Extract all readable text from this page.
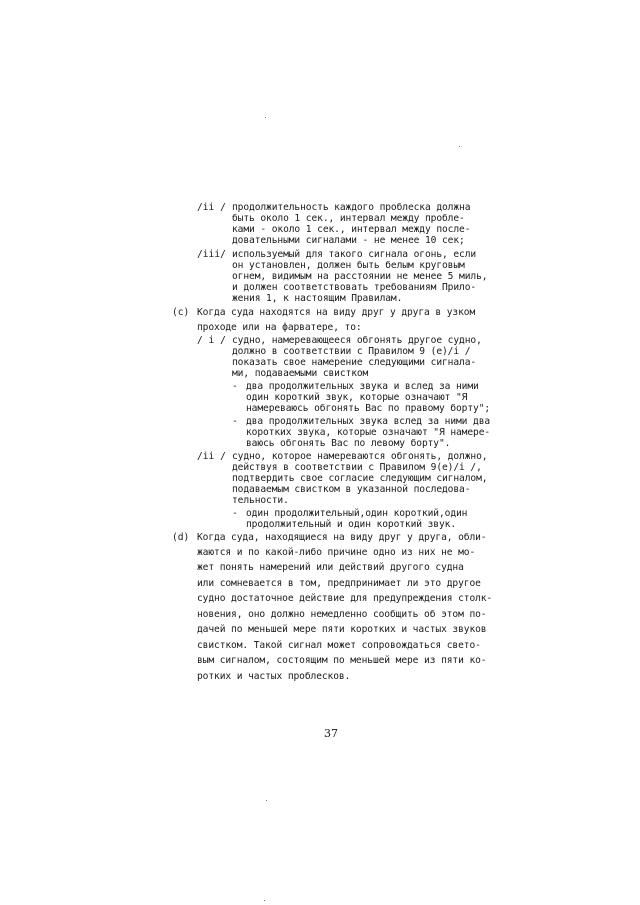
/ii / продолжительность каждого проблеска должна
быть около 1 сек., интервал между пробле-
ками - около 1 сек., интервал между после-
довательными сигналами - не менее 10 сек;
/iii/ используемый для такого сигнала огонь, если
он установлен, должен быть белым круговым
огнем, видимым на расстоянии не менее 5 миль,
и должен соответствовать требованиям Прило-
жения 1, к настоящим Правилам.
(c) Когда суда находятся на виду друг у друга в узком
проходе или на фарватере, то:
/ i / судно, намеревающееся обгонять другое судно,
должно в соответствии с Правилом 9 (e)/i /
показать свое намерение следующими сигнала-
ми, подаваемыми свистком
- два продолжительных звука и вслед за ними
один короткий звук, которые означают "Я
намереваюсь обгонять Вас по правому борту";
- два продолжительных звука вслед за ними два
коротких звука, которые означают "Я намере-
ваюсь обгонять Вас по левому борту".
/ii / судно, которое намереваются обгонять, должно,
действуя в соответствии с Правилом 9(e)/i /,
подтвердить свое согласие следующим сигналом,
подаваемым свистком в указанной последова-
тельности.
- один продолжительный,один короткий,один
продолжительный и один короткий звук.
(d) Когда суда, находящиеся на виду друг у друга, обли-
жаются и по какой-либо причине одно из них не мо-
жет понять намерений или действий другого судна
или сомневается в том, предпринимает ли это другое
судно достаточное действие для предупреждения столк-
новения, оно должно немедленно сообщить об этом по-
дачей по меньшей мере пяти коротких и частых звуков
свистком. Такой сигнал может сопровождаться свето-
вым сигналом, состоящим по меньшей мере из пяти ко-
ротких и частых проблесков.
37
